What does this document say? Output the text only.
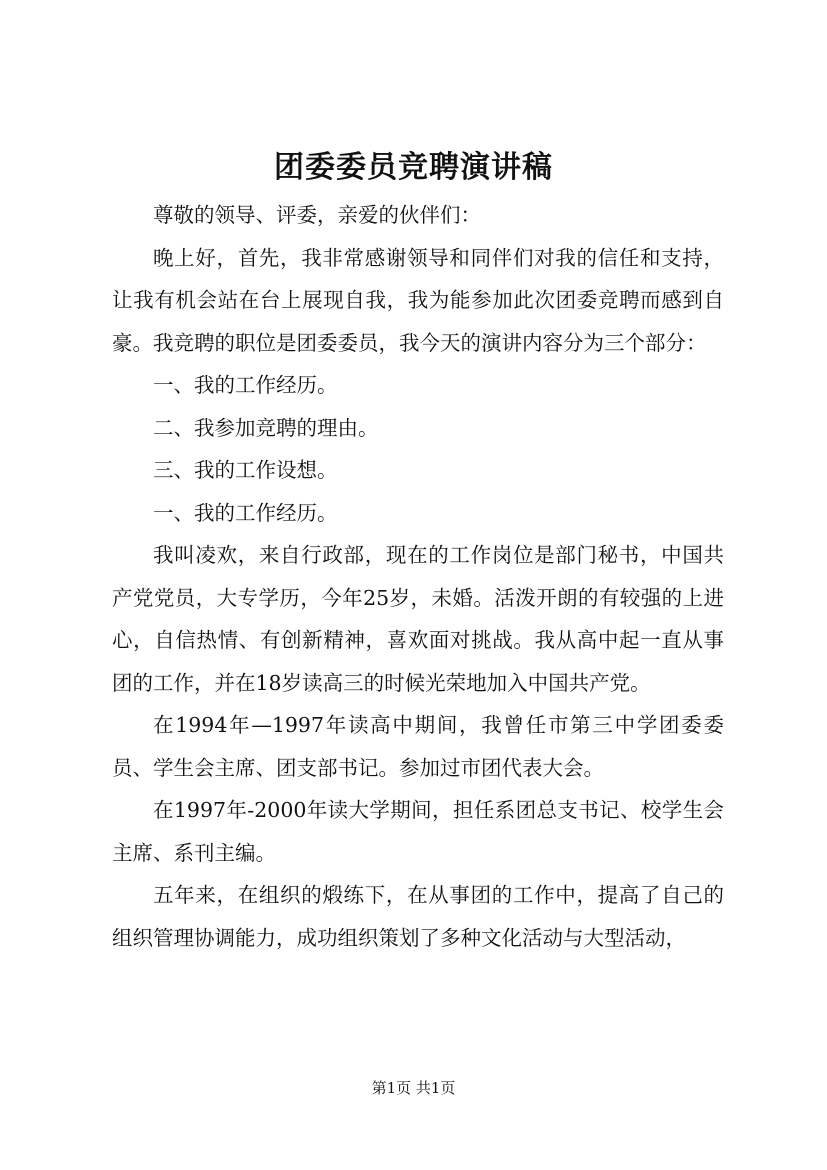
团委委员竞聘演讲稿

尊敬的领导、评委，亲爱的伙伴们：

晚上好，首先，我非常感谢领导和同伴们对我的信任和支持，让我有机会站在台上展现自我，我为能参加此次团委竞聘而感到自豪。我竞聘的职位是团委委员，我今天的演讲内容分为三个部分：

一、我的工作经历。

二、我参加竞聘的理由。

三、我的工作设想。

一、我的工作经历。

我叫凌欢，来自行政部，现在的工作岗位是部门秘书，中国共产党党员，大专学历，今年25岁，未婚。活泼开朗的有较强的上进心，自信热情、有创新精神，喜欢面对挑战。我从高中起一直从事团的工作，并在18岁读高三的时候光荣地加入中国共产党。

在1994年—1997年读高中期间，我曾任市第三中学团委委员、学生会主席、团支部书记。参加过市团代表大会。

在1997年-2000年读大学期间，担任系团总支书记、校学生会主席、系刊主编。

五年来，在组织的煅练下，在从事团的工作中，提高了自己的组织管理协调能力，成功组织策划了多种文化活动与大型活动，

第1页 共1页
